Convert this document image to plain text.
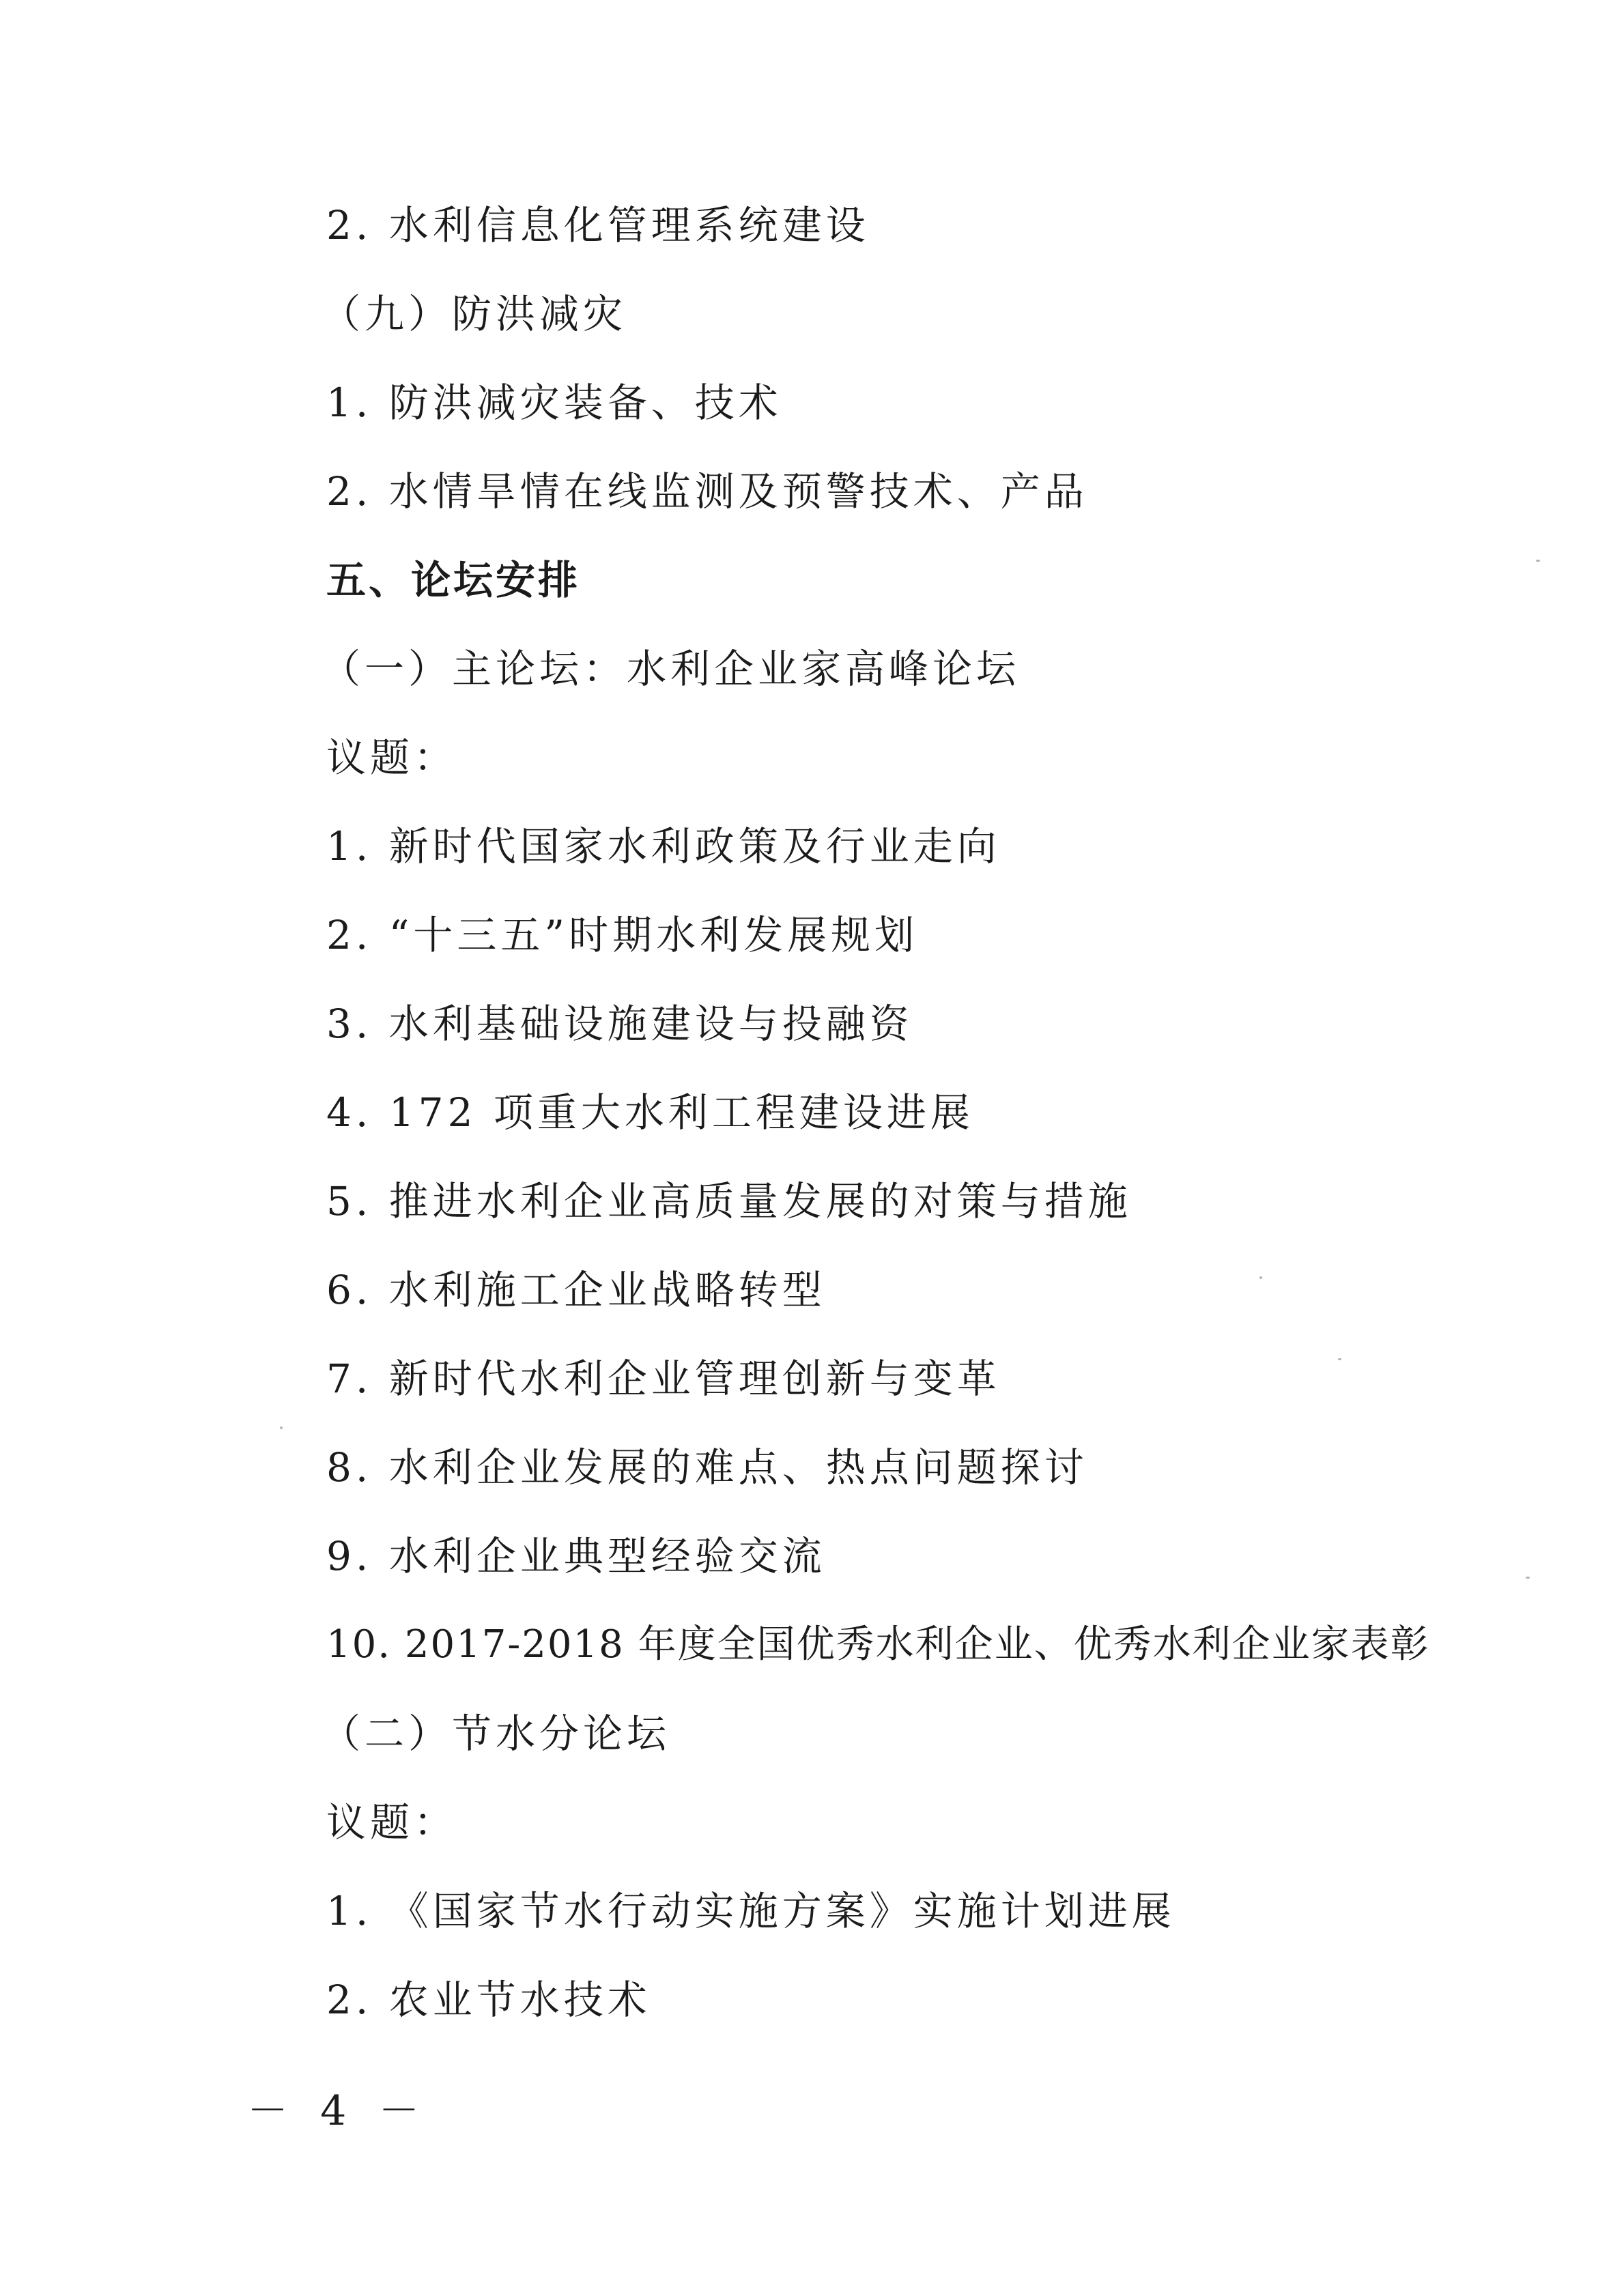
2. 水利信息化管理系统建设
（九）防洪减灾
1. 防洪减灾装备、技术
2. 水情旱情在线监测及预警技术、产品
五、论坛安排
（一）主论坛：水利企业家高峰论坛
议题：
1. 新时代国家水利政策及行业走向
2. “十三五”时期水利发展规划
3. 水利基础设施建设与投融资
4. 172 项重大水利工程建设进展
5. 推进水利企业高质量发展的对策与措施
6. 水利施工企业战略转型
7. 新时代水利企业管理创新与变革
8. 水利企业发展的难点、热点问题探讨
9. 水利企业典型经验交流
10. 2017-2018 年度全国优秀水利企业、优秀水利企业家表彰
（二）节水分论坛
议题：
1. 《国家节水行动实施方案》实施计划进展
2. 农业节水技术
－ 4 －
